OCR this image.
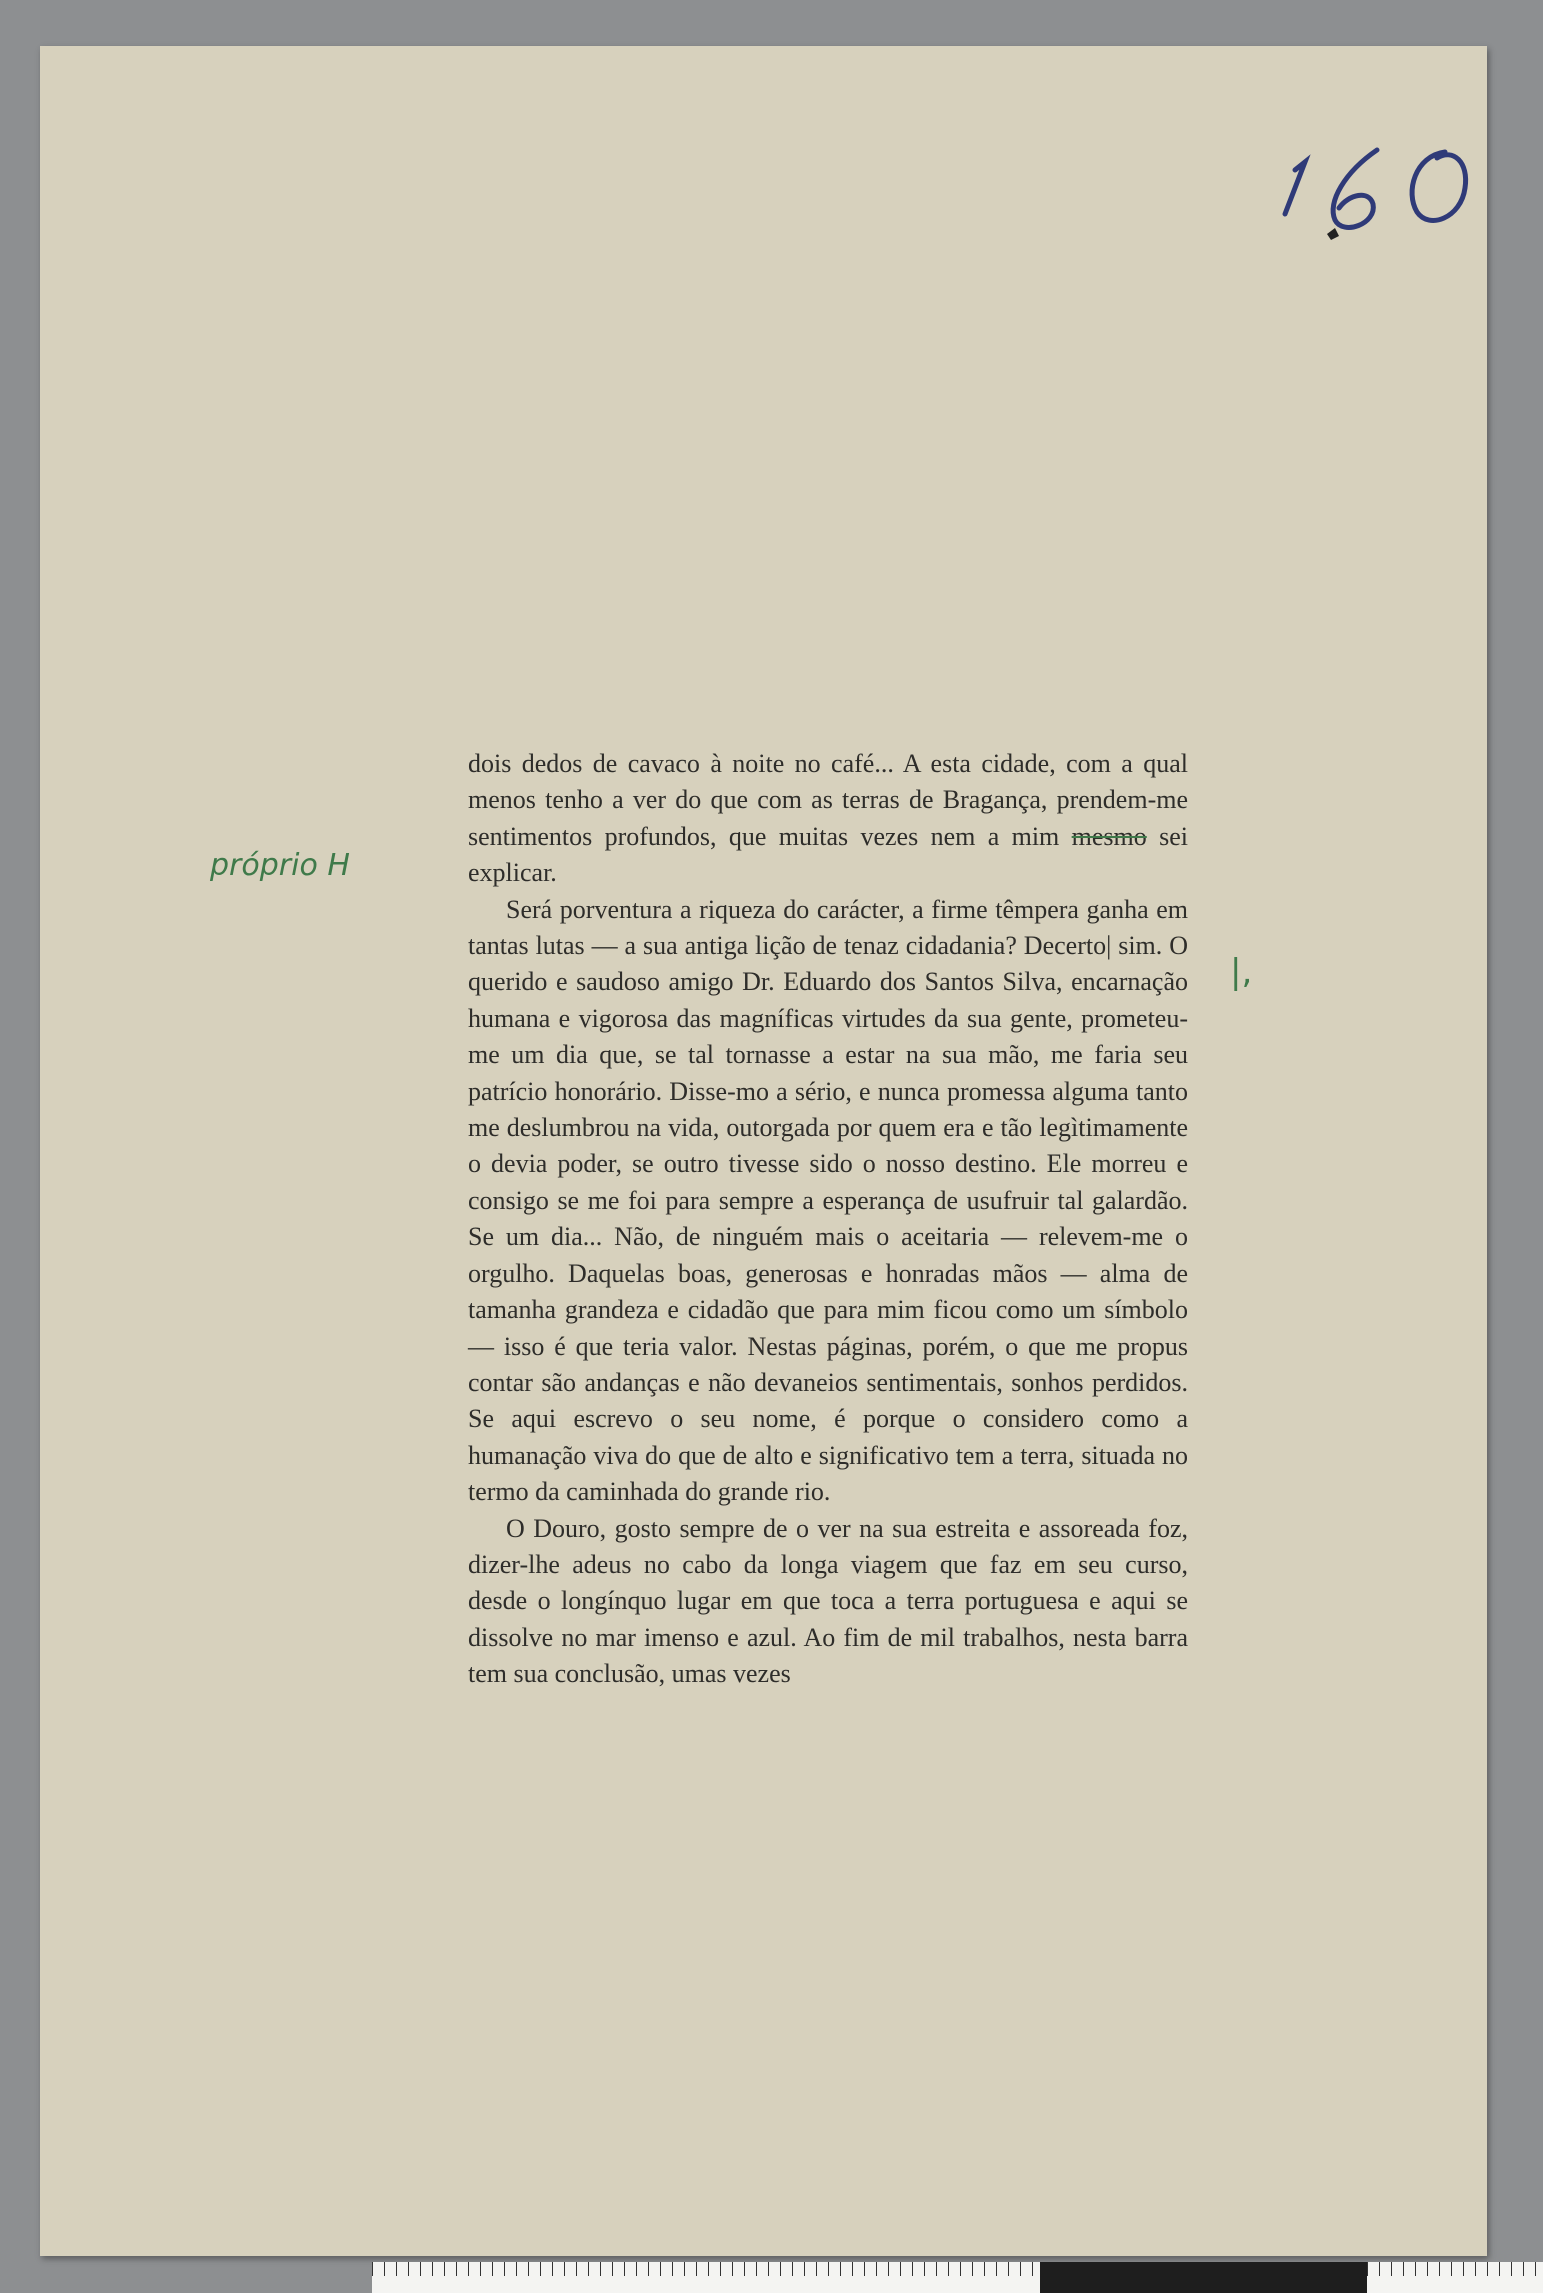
próprio H
|,

dois dedos de cavaco à noite no café... A esta cidade, com a qual menos tenho a ver do que com as terras de Bragança, prendem-me sentimentos profundos, que muitas vezes nem a mim mesmo sei explicar.

Será porventura a riqueza do carácter, a firme têmpera ganha em tantas lutas — a sua antiga lição de tenaz cidadania? Decerto| sim. O querido e saudoso amigo Dr. Eduardo dos Santos Silva, encarnação humana e vigorosa das magníficas virtudes da sua gente, prometeu-me um dia que, se tal tornasse a estar na sua mão, me faria seu patrício honorário. Disse-mo a sério, e nunca promessa alguma tanto me deslumbrou na vida, outorgada por quem era e tão legìtimamente o devia poder, se outro tivesse sido o nosso destino. Ele morreu e consigo se me foi para sempre a esperança de usufruir tal galardão. Se um dia... Não, de ninguém mais o aceitaria — relevem-me o orgulho. Daquelas boas, generosas e honradas mãos — alma de tamanha grandeza e cidadão que para mim ficou como um símbolo — isso é que teria valor. Nestas páginas, porém, o que me propus contar são andanças e não devaneios sentimentais, sonhos perdidos. Se aqui escrevo o seu nome, é porque o considero como a humanação viva do que de alto e significativo tem a terra, situada no termo da caminhada do grande rio.

O Douro, gosto sempre de o ver na sua estreita e assoreada foz, dizer-lhe adeus no cabo da longa viagem que faz em seu curso, desde o longínquo lugar em que toca a terra portuguesa e aqui se dissolve no mar imenso e azul. Ao fim de mil trabalhos, nesta barra tem sua conclusão, umas vezes
